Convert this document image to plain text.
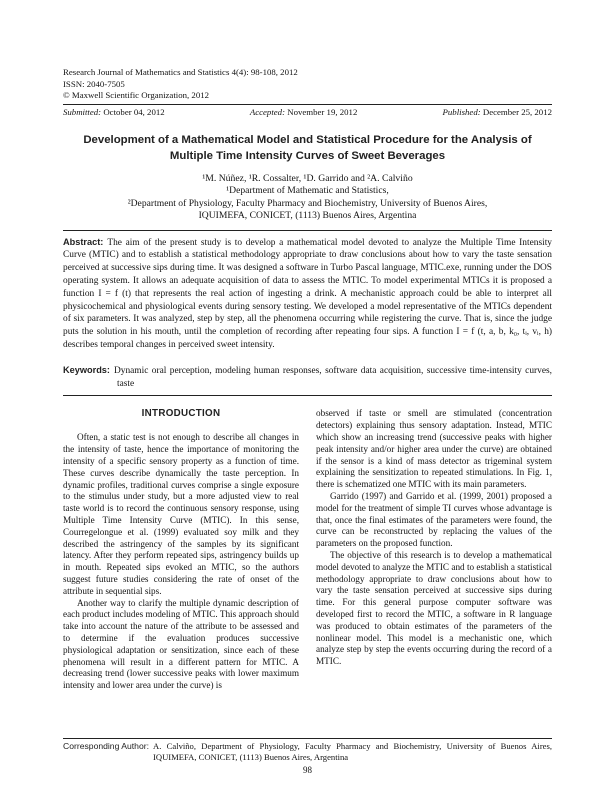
Research Journal of Mathematics and Statistics 4(4): 98-108, 2012
ISSN: 2040-7505
© Maxwell Scientific Organization, 2012
Submitted: October 04, 2012	Accepted: November 19, 2012	Published: December 25, 2012
Development of a Mathematical Model and Statistical Procedure for the Analysis of Multiple Time Intensity Curves of Sweet Beverages
¹M. Núñez, ¹R. Cossalter, ¹D. Garrido and ²A. Calviño
¹Department of Mathematic and Statistics,
²Department of Physiology, Faculty Pharmacy and Biochemistry, University of Buenos Aires,
IQUIMEFA, CONICET, (1113) Buenos Aires, Argentina

Abstract: The aim of the present study is to develop a mathematical model devoted to analyze the Multiple Time Intensity Curve (MTIC) and to establish a statistical methodology appropriate to draw conclusions about how to vary the taste sensation perceived at successive sips during time. It was designed a software in Turbo Pascal language, MTIC.exe, running under the DOS operating system. It allows an adequate acquisition of data to assess the MTIC. To model experimental MTICs it is proposed a function I = f (t) that represents the real action of ingesting a drink. A mechanistic approach could be able to interpret all physicochemical and physiological events during sensory testing. We developed a model representative of the MTICs dependent of six parameters. It was analyzed, step by step, all the phenomena occurring while registering the curve. That is, since the judge puts the solution in his mouth, until the completion of recording after repeating four sips. A function I = f (t, a, b, k₀, tᵢ, vᵢ, h) describes temporal changes in perceived sweet intensity.

Keywords: Dynamic oral perception, modeling human responses, software data acquisition, successive time-intensity curves, taste

INTRODUCTION

Often, a static test is not enough to describe all changes in the intensity of taste, hence the importance of monitoring the intensity of a specific sensory property as a function of time. These curves describe dynamically the taste perception. In dynamic profiles, traditional curves comprise a single exposure to the stimulus under study, but a more adjusted view to real taste world is to record the continuous sensory response, using Multiple Time Intensity Curve (MTIC). In this sense, Courregelongue et al. (1999) evaluated soy milk and they described the astringency of the samples by its significant latency. After they perform repeated sips, astringency builds up in mouth. Repeated sips evoked an MTIC, so the authors suggest future studies considering the rate of onset of the attribute in sequential sips.

Another way to clarify the multiple dynamic description of each product includes modeling of MTIC. This approach should take into account the nature of the attribute to be assessed and to determine if the evaluation produces successive physiological adaptation or sensitization, since each of these phenomena will result in a different pattern for MTIC. A decreasing trend (lower successive peaks with lower maximum intensity and lower area under the curve) is

observed if taste or smell are stimulated (concentration detectors) explaining thus sensory adaptation. Instead, MTIC which show an increasing trend (successive peaks with higher peak intensity and/or higher area under the curve) are obtained if the sensor is a kind of mass detector as trigeminal system explaining the sensitization to repeated stimulations. In Fig. 1, there is schematized one MTIC with its main parameters.

Garrido (1997) and Garrido et al. (1999, 2001) proposed a model for the treatment of simple TI curves whose advantage is that, once the final estimates of the parameters were found, the curve can be reconstructed by replacing the values of the parameters on the proposed function.

The objective of this research is to develop a mathematical model devoted to analyze the MTIC and to establish a statistical methodology appropriate to draw conclusions about how to vary the taste sensation perceived at successive sips during time. For this general purpose computer software was developed first to record the MTIC, a software in R language was produced to obtain estimates of the parameters of the nonlinear model. This model is a mechanistic one, which analyze step by step the events occurring during the record of a MTIC.

Corresponding Author: A. Calviño, Department of Physiology, Faculty Pharmacy and Biochemistry, University of Buenos Aires, IQUIMEFA, CONICET, (1113) Buenos Aires, Argentina
98
